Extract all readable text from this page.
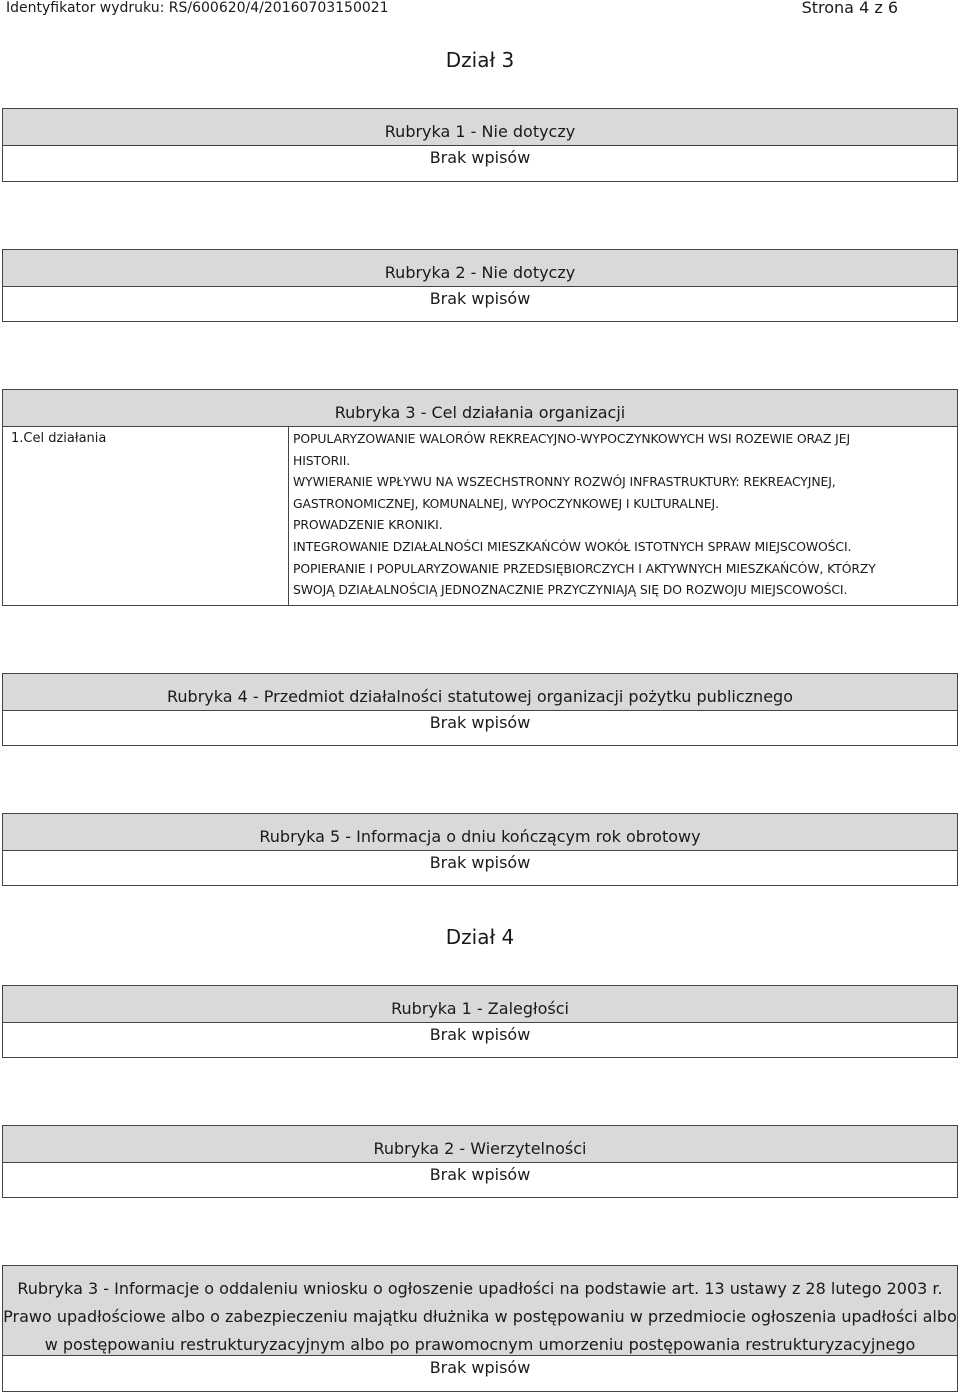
Identyfikator wydruku: RS/600620/4/20160703150021	Strona 4 z 6
Dział 3
Rubryka 1 - Nie dotyczy
Brak wpisów
Rubryka 2 - Nie dotyczy
Brak wpisów
Rubryka 3 - Cel działania organizacji
1.Cel działania	POPULARYZOWANIE WALORÓW REKREACYJNO-WYPOCZYNKOWYCH WSI ROZEWIE ORAZ JEJ
HISTORII.
WYWIERANIE WPŁYWU NA WSZECHSTRONNY ROZWÓJ INFRASTRUKTURY: REKREACYJNEJ,
GASTRONOMICZNEJ, KOMUNALNEJ, WYPOCZYNKOWEJ I KULTURALNEJ.
PROWADZENIE KRONIKI.
INTEGROWANIE DZIAŁALNOŚCI MIESZKAŃCÓW WOKÓŁ ISTOTNYCH SPRAW MIEJSCOWOŚCI.
POPIERANIE I POPULARYZOWANIE PRZEDSIĘBIORCZYCH I AKTYWNYCH MIESZKAŃCÓW, KTÓRZY
SWOJĄ DZIAŁALNOŚCIĄ JEDNOZNACZNIE PRZYCZYNIAJĄ SIĘ DO ROZWOJU MIEJSCOWOŚCI.
Rubryka 4 - Przedmiot działalności statutowej organizacji pożytku publicznego
Brak wpisów
Rubryka 5 - Informacja o dniu kończącym rok obrotowy
Brak wpisów
Dział 4
Rubryka 1 - Zaległości
Brak wpisów
Rubryka 2 - Wierzytelności
Brak wpisów
Rubryka 3 - Informacje o oddaleniu wniosku o ogłoszenie upadłości na podstawie art. 13 ustawy z 28 lutego 2003 r.
Prawo upadłościowe albo o zabezpieczeniu majątku dłużnika w postępowaniu w przedmiocie ogłoszenia upadłości albo
w postępowaniu restrukturyzacyjnym albo po prawomocnym umorzeniu postępowania restrukturyzacyjnego
Brak wpisów
